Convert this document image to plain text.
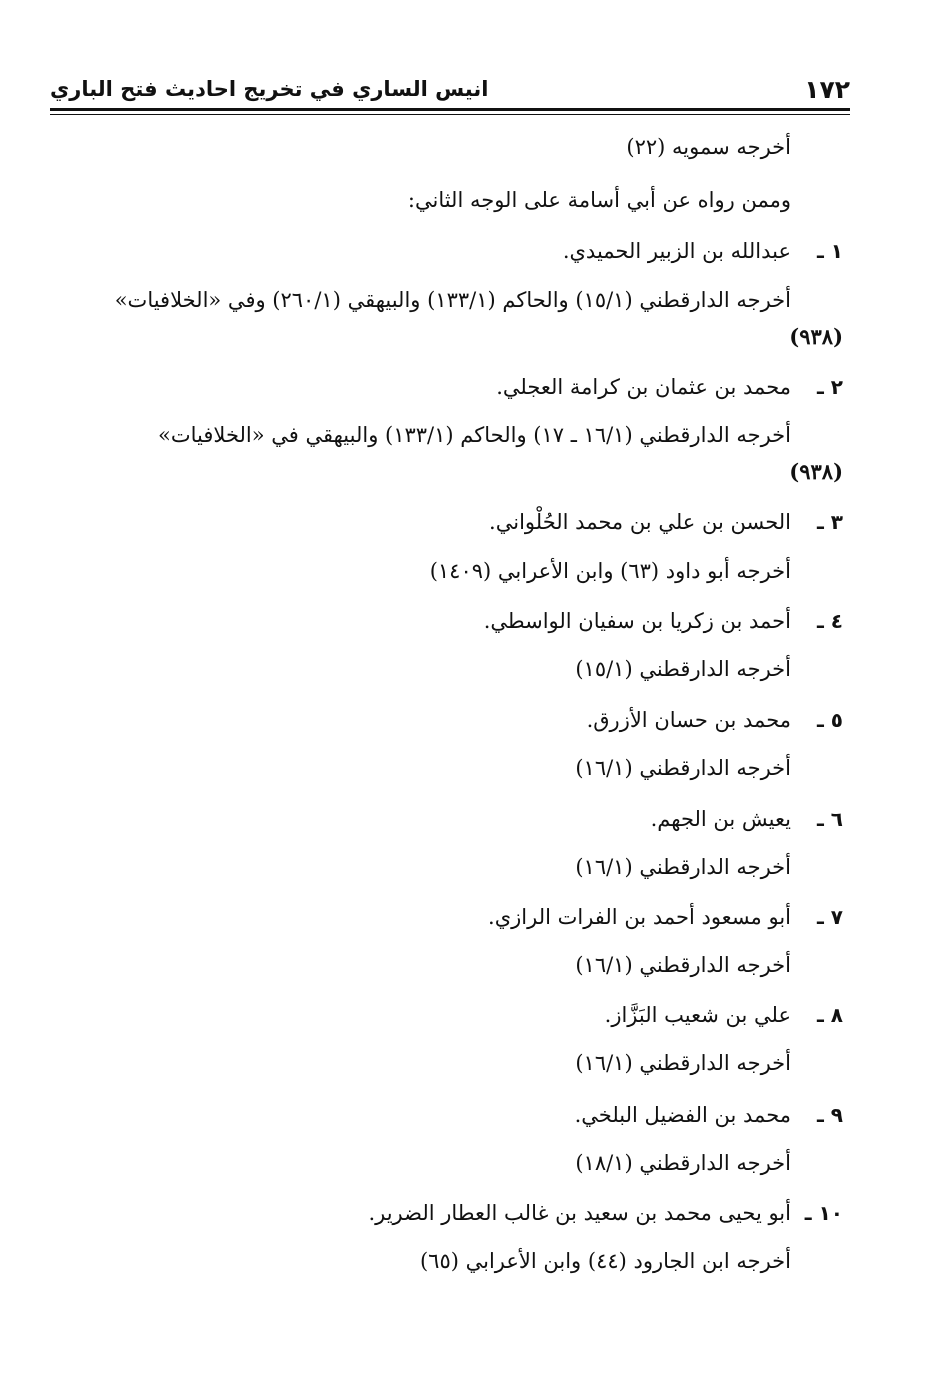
١٧٢
انيس الساري في تخريج احاديث فتح الباري
أخرجه سمويه (٢٢)
وممن رواه عن أبي أسامة على الوجه الثاني:
١ ـ
عبدالله بن الزبير الحميدي.
أخرجه الدارقطني (١٥/١) والحاكم (١٣٣/١) والبيهقي (٢٦٠/١) وفي «الخلافيات»
(٩٣٨)
٢ ـ
محمد بن عثمان بن كرامة العجلي.
أخرجه الدارقطني (١٦/١ ـ ١٧) والحاكم (١٣٣/١) والبيهقي في «الخلافيات»
(٩٣٨)
٣ ـ
الحسن بن علي بن محمد الحُلْواني.
أخرجه أبو داود (٦٣) وابن الأعرابي (١٤٠٩)
٤ ـ
أحمد بن زكريا بن سفيان الواسطي.
أخرجه الدارقطني (١٥/١)
٥ ـ
محمد بن حسان الأزرق.
أخرجه الدارقطني (١٦/١)
٦ ـ
يعيش بن الجهم.
أخرجه الدارقطني (١٦/١)
٧ ـ
أبو مسعود أحمد بن الفرات الرازي.
أخرجه الدارقطني (١٦/١)
٨ ـ
علي بن شعيب البَزَّاز.
أخرجه الدارقطني (١٦/١)
٩ ـ
محمد بن الفضيل البلخي.
أخرجه الدارقطني (١٨/١)
١٠ ـ
أبو يحيى محمد بن سعيد بن غالب العطار الضرير.
أخرجه ابن الجارود (٤٤) وابن الأعرابي (٦٥)
